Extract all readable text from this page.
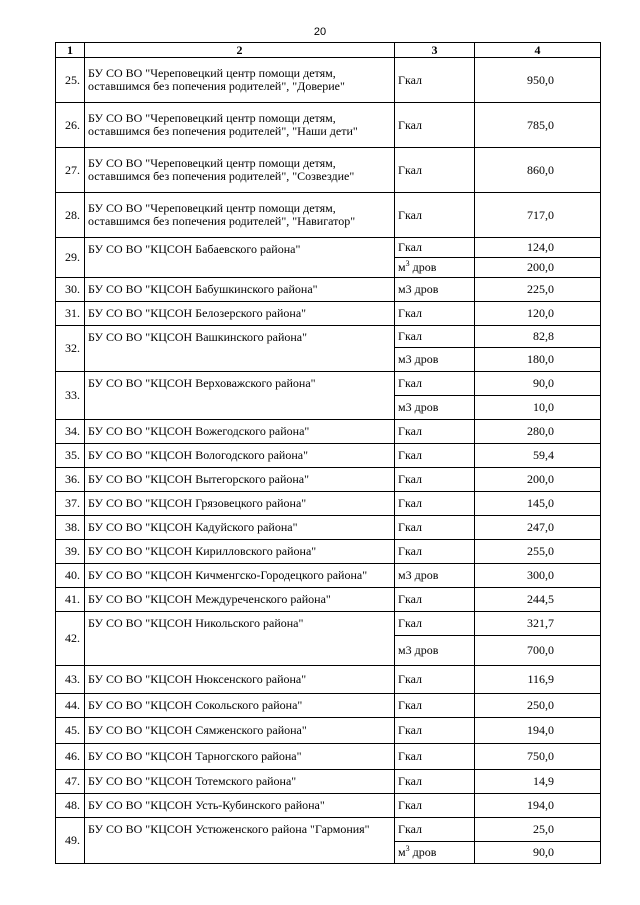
20
1	2	3	4
25.	БУ СО ВО "Череповецкий центр помощи детям, оставшимся без попечения родителей", "Доверие"	Гкал	950,0
26.	БУ СО ВО "Череповецкий центр помощи детям, оставшимся без попечения родителей", "Наши дети"	Гкал	785,0
27.	БУ СО ВО "Череповецкий центр помощи детям, оставшимся без попечения родителей", "Созвездие"	Гкал	860,0
28.	БУ СО ВО "Череповецкий центр помощи детям, оставшимся без попечения родителей", "Навигатор"	Гкал	717,0
29.	БУ СО ВО "КЦСОН Бабаевского района"	Гкал	124,0
		$м^3$ дров	200,0
30.	БУ СО ВО "КЦСОН Бабушкинского района"	м3 дров	225,0
31.	БУ СО ВО "КЦСОН Белозерского района"	Гкал	120,0
32.	БУ СО ВО "КЦСОН Вашкинского района"	Гкал	82,8
		м3 дров	180,0
33.	БУ СО ВО "КЦСОН Верховажского района"	Гкал	90,0
		м3 дров	10,0
34.	БУ СО ВО "КЦСОН Вожегодского района"	Гкал	280,0
35.	БУ СО ВО "КЦСОН Вологодского района"	Гкал	59,4
36.	БУ СО ВО "КЦСОН Вытегорского района"	Гкал	200,0
37.	БУ СО ВО "КЦСОН Грязовецкого района"	Гкал	145,0
38.	БУ СО ВО "КЦСОН Кадуйского района"	Гкал	247,0
39.	БУ СО ВО "КЦСОН Кирилловского района"	Гкал	255,0
40.	БУ СО ВО "КЦСОН Кичменгско-Городецкого района"	м3 дров	300,0
41.	БУ СО ВО "КЦСОН Междуреченского района"	Гкал	244,5
42.	БУ СО ВО "КЦСОН Никольского района"	Гкал	321,7
		м3 дров	700,0
43.	БУ СО ВО "КЦСОН Нюксенского района"	Гкал	116,9
44.	БУ СО ВО "КЦСОН Сокольского района"	Гкал	250,0
45.	БУ СО ВО "КЦСОН Сямженского района"	Гкал	194,0
46.	БУ СО ВО "КЦСОН Тарногского района"	Гкал	750,0
47.	БУ СО ВО "КЦСОН Тотемского района"	Гкал	14,9
48.	БУ СО ВО "КЦСОН Усть-Кубинского района"	Гкал	194,0
49.	БУ СО ВО "КЦСОН Устюженского района "Гармония"	Гкал	25,0
		$м^3$ дров	90,0
